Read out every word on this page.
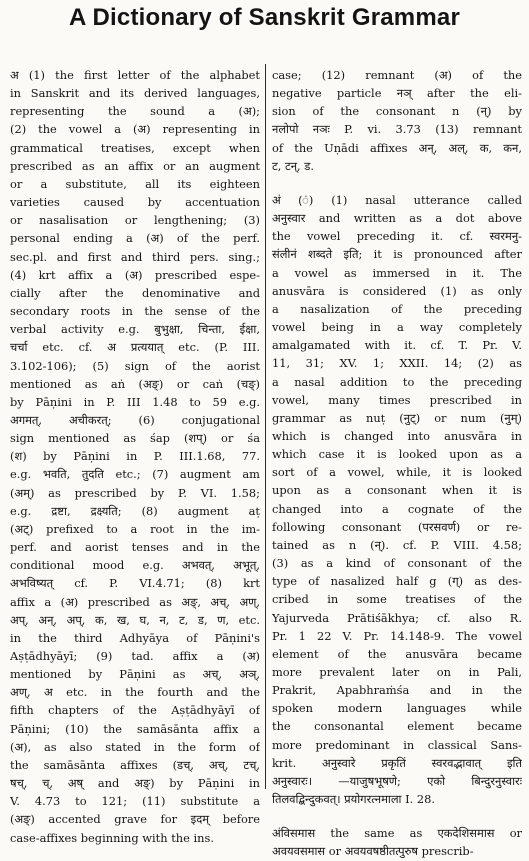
A Dictionary of Sanskrit Grammar
अ (1) the first letter of the alphabet
in Sanskrit and its derived languages,
representing the sound a (अ);
(2) the vowel a (अ) representing in
grammatical treatises, except when
prescribed as an affix or an augment
or a substitute, all its eighteen
varieties caused by accentuation
or nasalisation or lengthening; (3)
personal ending a (अ) of the perf.
sec.pl. and first and third pers. sing.;
(4) krt affix a (अ) prescribed espe-
cially after the denominative and
secondary roots in the sense of the
verbal activity e.g. बुभुक्षा, चिन्ता, ईक्षा,
चर्चा etc. cf. अ प्रत्ययात् etc. (P. III.
3.102-106); (5) sign of the aorist
mentioned as aṅ (अङ्) or caṅ (चङ्)
by Pāṇini in P. III 1.48 to 59 e.g.
अगमत्, अचीकरत्; (6) conjugational
sign mentioned as śap (शप्) or śa
(श) by Pāṇini in P. III.1.68, 77.
e.g. भवति, तुदति etc.; (7) augment am
(अम्) as prescribed by P. VI. 1.58;
e.g. द्रष्टा, द्रक्ष्यति; (8) augment aṭ
(अट्) prefixed to a root in the im-
perf. and aorist tenses and in the
conditional mood e.g. अभवत्, अभूत्,
अभविष्यत् cf. P. VI.4.71; (8) krt
affix a (अ) prescribed as अङ्, अच्, अण्,
अप्, अन्, अप्, क, ख, घ, न, ट, ड, ण, etc.
in the third Adhyāya of Pāṇini's
Aṣṭādhyāyī; (9) tad. affix a (अ)
mentioned by Pāṇini as अच्, अञ्,
अण्, अ etc. in the fourth and the
fifth chapters of the Aṣṭādhyāyī of
Pāṇini; (10) the samāsānta affix a
(अ), as also stated in the form of
the samāsānta affixes (डच्, अच्, टच्,
षच्, च्, अष् and अङ्) by Pāṇini in
V. 4.73 to 121; (11) substitute a
(अङ्) accented grave for इदम् before
case-affixes beginning with the ins.
case; (12) remnant (अ) of the
negative particle नञ् after the eli-
sion of the consonant n (न्) by
नलोपो नञः P. vi. 3.73 (13) remnant
of the Uṇādi affixes अन्, अल्, क, कन,
ट, टन्, ड.
अं (ं) (1) nasal utterance called
अनुस्वार and written as a dot above
the vowel preceding it. cf. स्वरमनु-
संलीनं शब्दते इति; it is pronounced after
a vowel as immersed in it. The
anusvāra is considered (1) as only
a nasalization of the preceding
vowel being in a way completely
amalgamated with it. cf. T. Pr. V.
11, 31; XV. 1; XXII. 14; (2) as
a nasal addition to the preceding
vowel, many times prescribed in
grammar as nuṭ (नुट्) or num (नुम्)
which is changed into anusvāra in
which case it is looked upon as a
sort of a vowel, while, it is looked
upon as a consonant when it is
changed into a cognate of the
following consonant (परसवर्ण) or re-
tained as n (न्). cf. P. VIII. 4.58;
(3) as a kind of consonant of the
type of nasalized half g (ग्) as des-
cribed in some treatises of the
Yajurveda Prātiśākhya; cf. also R.
Pr. 1 22 V. Pr. 14.148-9. The vowel
element of the anusvāra became
more prevalent later on in Pali,
Prakrit, Apabhraṁśa and in the
spoken modern languages while
the consonantal element became
more predominant in classical Sans-
krit. अनुस्वारे प्रकृतिं स्वरवद्भावात् इति
अनुस्वारः। —याजुषभूषणे; एको बिन्दुरनुस्वारः
तिलवद्बिन्दुकवत्। प्रयोगरत्नमाला I. 28.
अंविसमास the same as एकदेशिसमास or
अवयवसमास or अवयवषष्ठीतत्पुरुष prescrib-
